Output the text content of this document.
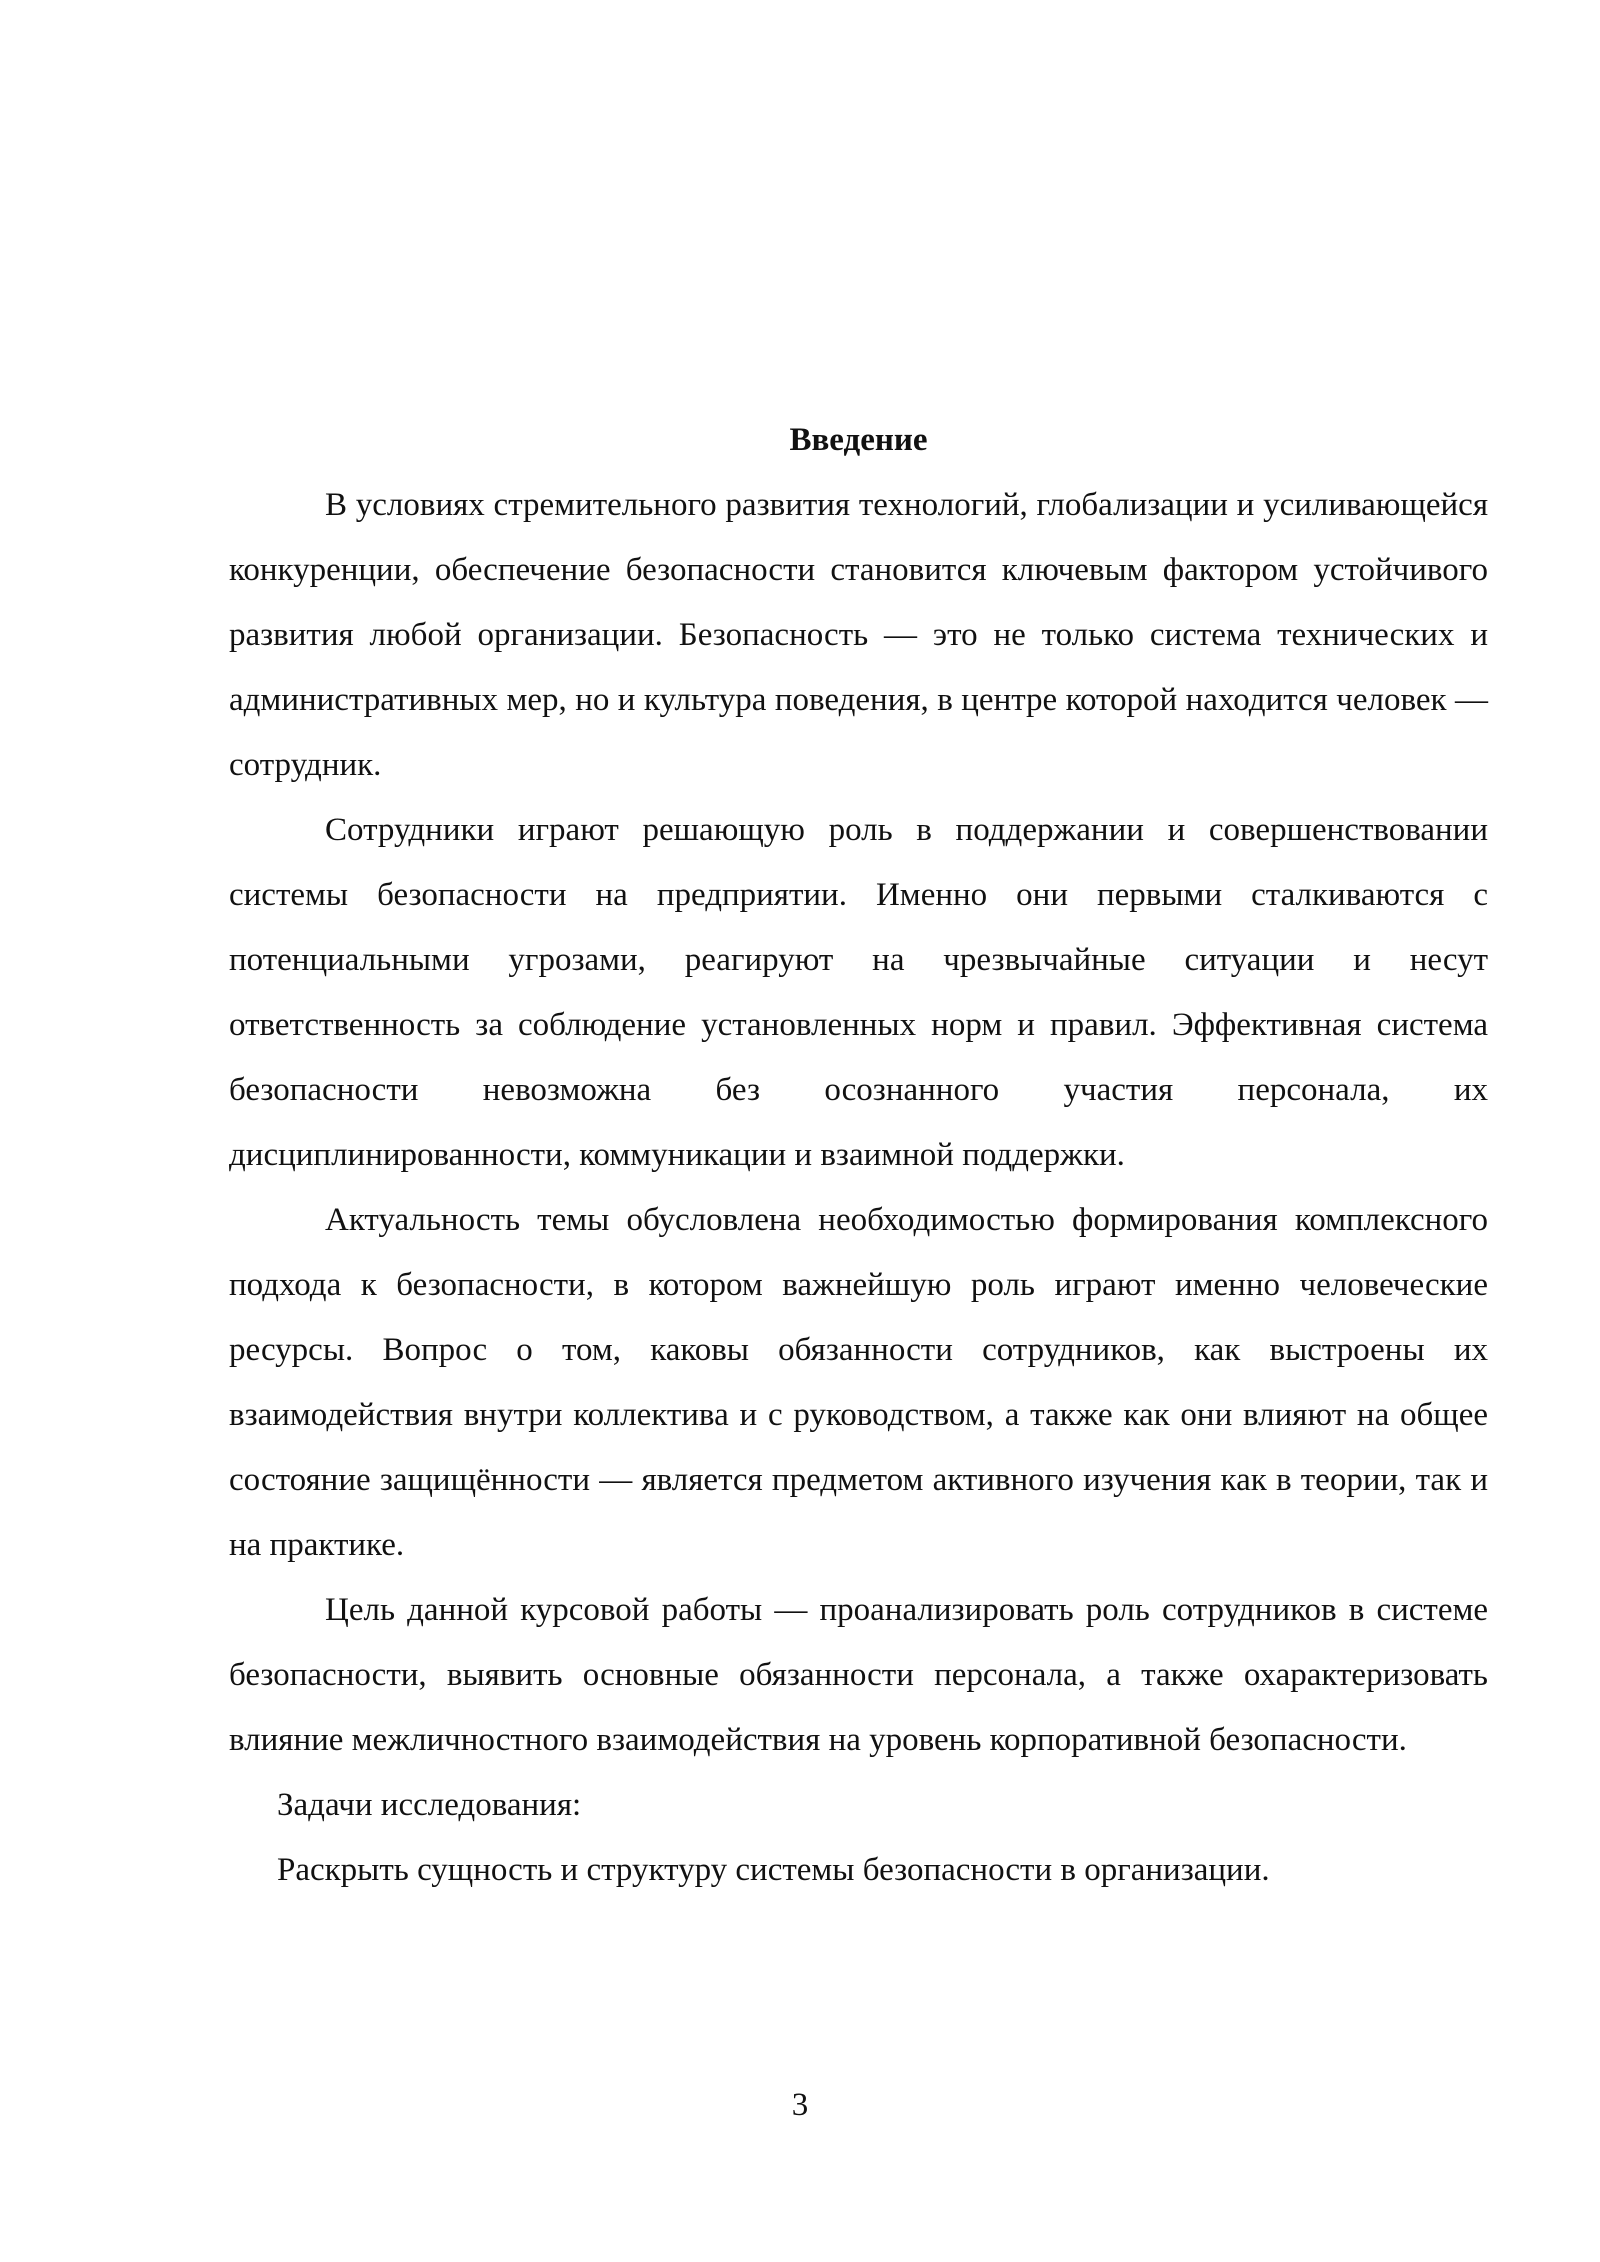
Введение

В условиях стремительного развития технологий, глобализации и усиливающейся конкуренции, обеспечение безопасности становится ключевым фактором устойчивого развития любой организации. Безопасность — это не только система технических и административных мер, но и культура поведения, в центре которой находится человек — сотрудник.

Сотрудники играют решающую роль в поддержании и совершенствовании системы безопасности на предприятии. Именно они первыми сталкиваются с потенциальными угрозами, реагируют на чрезвычайные ситуации и несут ответственность за соблюдение установленных норм и правил. Эффективная система безопасности невозможна без осознанного участия персонала, их дисциплинированности, коммуникации и взаимной поддержки.

Актуальность темы обусловлена необходимостью формирования комплексного подхода к безопасности, в котором важнейшую роль играют именно человеческие ресурсы. Вопрос о том, каковы обязанности сотрудников, как выстроены их взаимодействия внутри коллектива и с руководством, а также как они влияют на общее состояние защищённости — является предметом активного изучения как в теории, так и на практике.

Цель данной курсовой работы — проанализировать роль сотрудников в системе безопасности, выявить основные обязанности персонала, а также охарактеризовать влияние межличностного взаимодействия на уровень корпоративной безопасности.

Задачи исследования:

Раскрыть сущность и структуру системы безопасности в организации.

3
